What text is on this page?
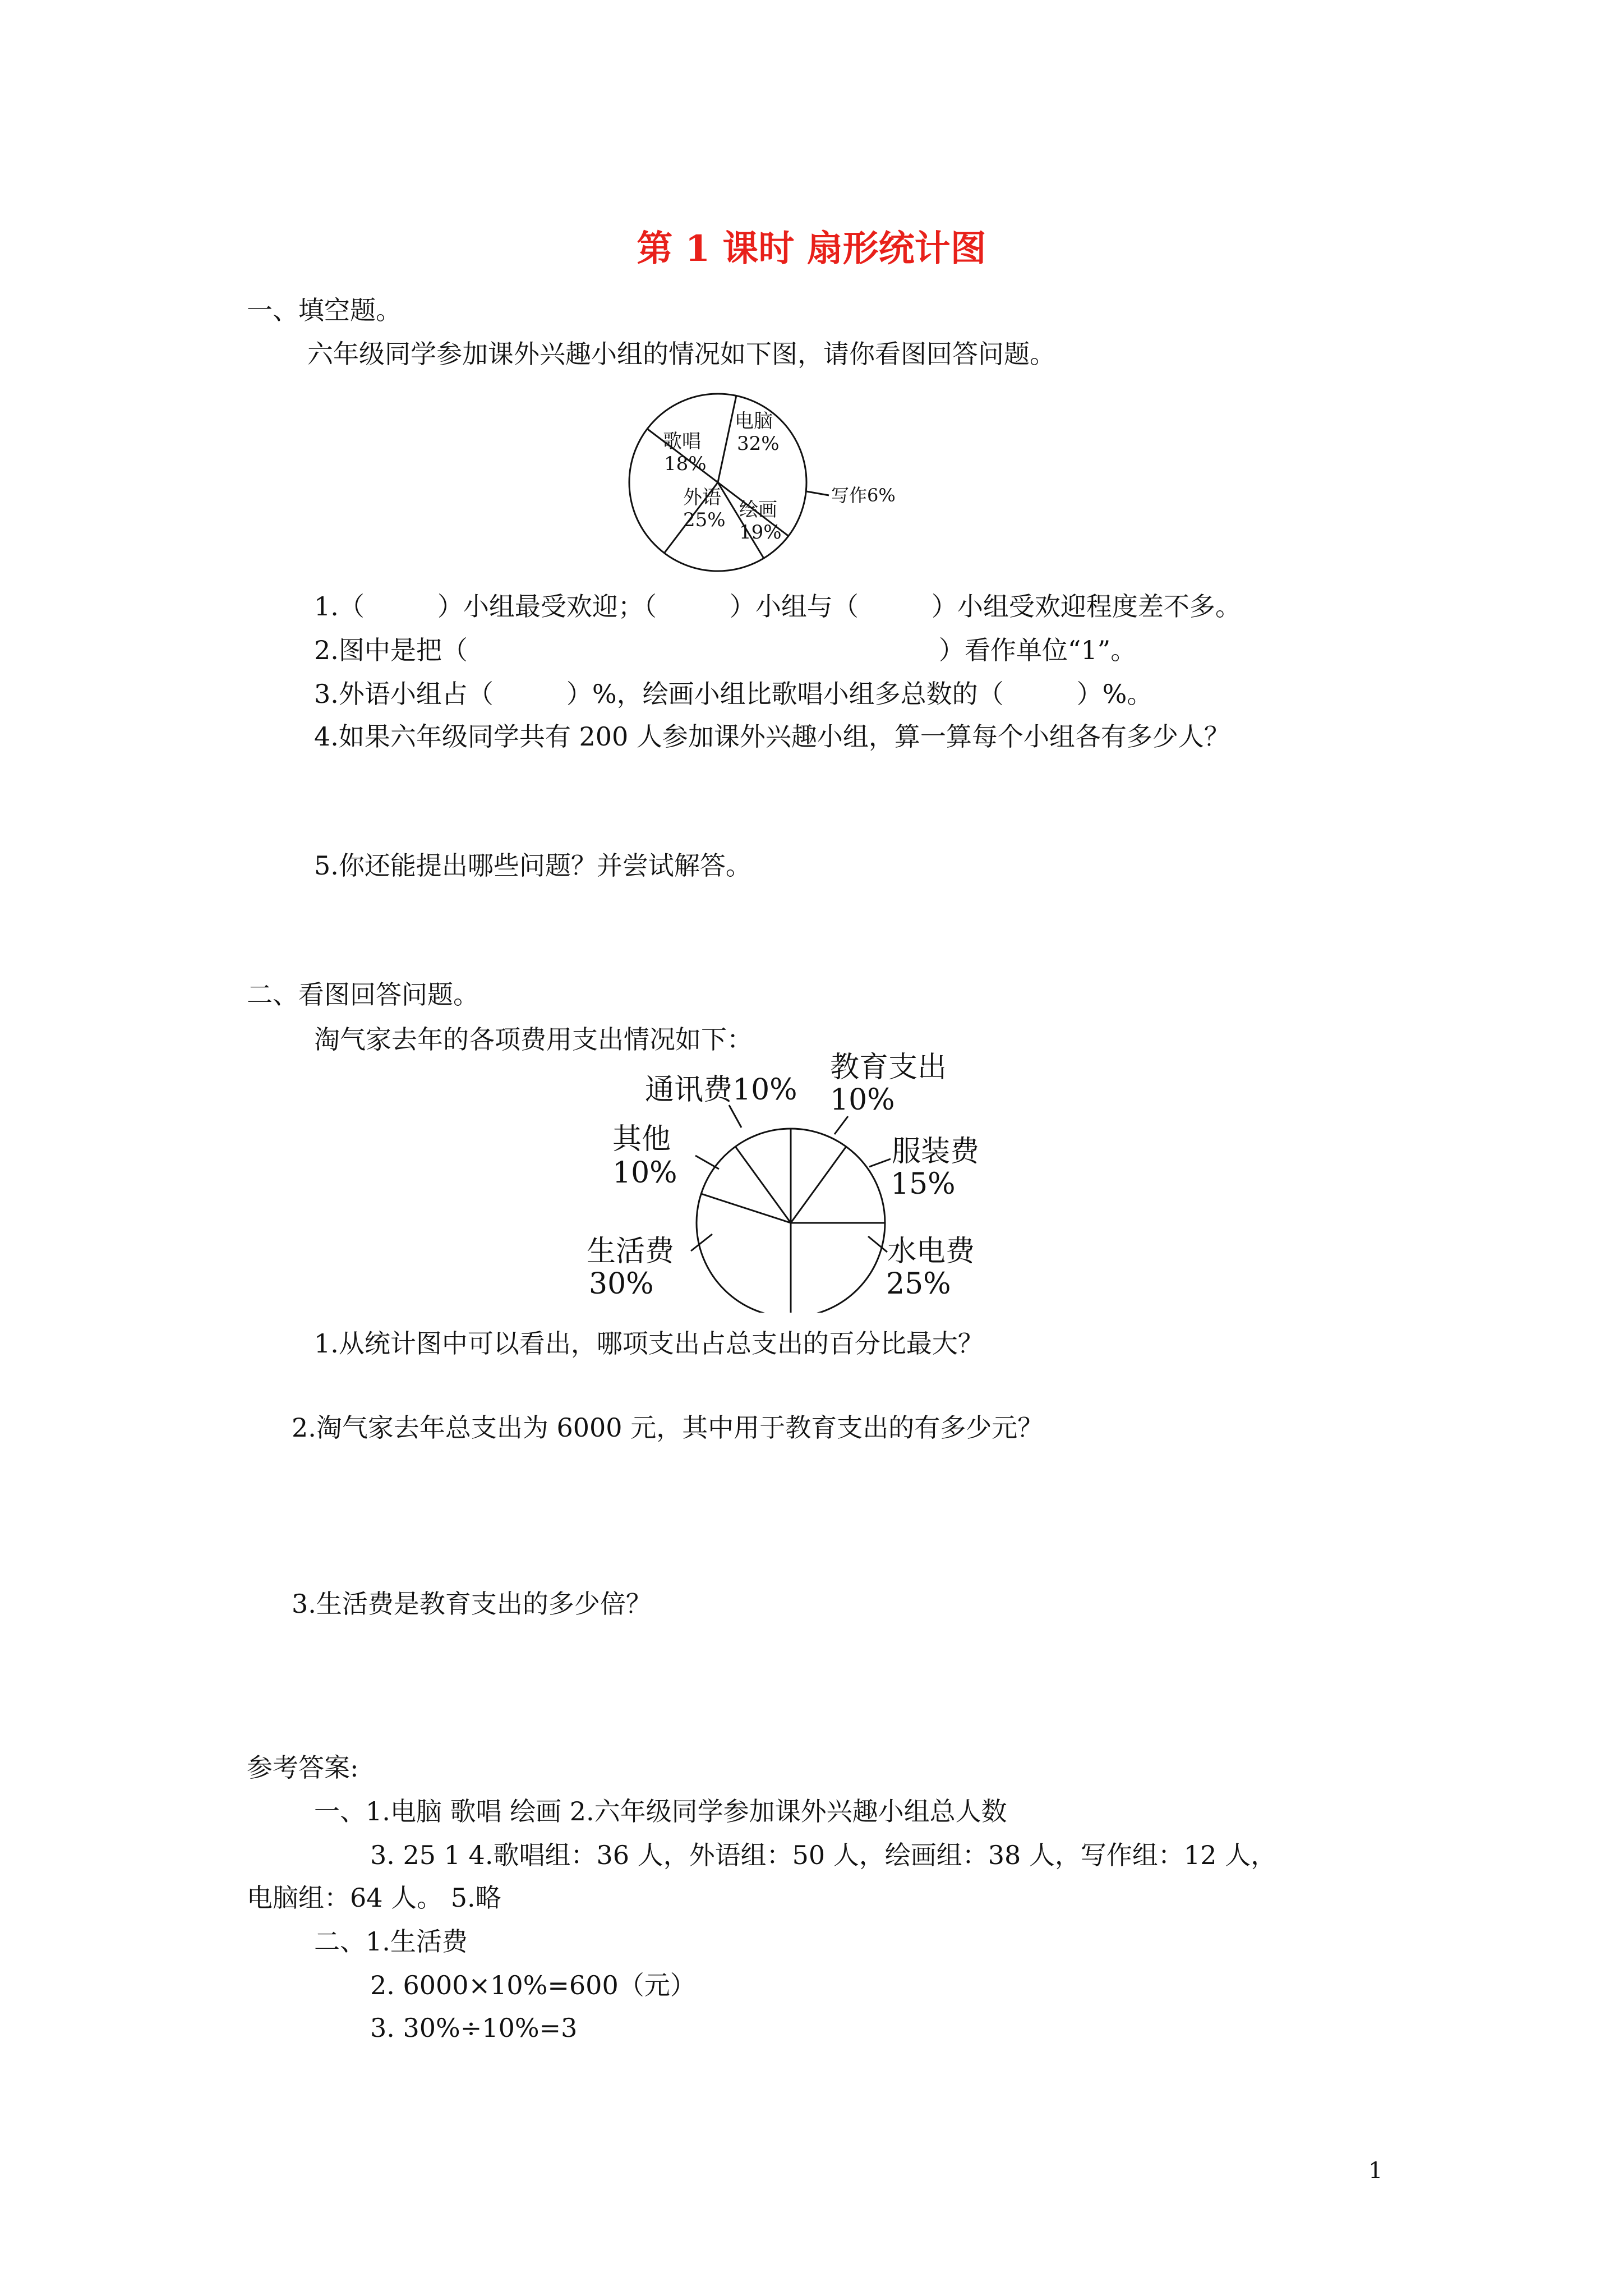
第 1 课时 扇形统计图
一、填空题。
六年级同学参加课外兴趣小组的情况如下图，请你看图回答问题。
歌唱
18%
电脑
32%
外语
25% 绘画
19%
写作6%
1.（	）小组最受欢迎；（	）小组与（	）小组受欢迎程度差不多。
2.图中是把（	）看作单位“1”。
3.外语小组占（	）%，绘画小组比歌唱小组多总数的（	）%。
4.如果六年级同学共有 200 人参加课外兴趣小组，算一算每个小组各有多少人？
5.你还能提出哪些问题？并尝试解答。
二、看图回答问题。
淘气家去年的各项费用支出情况如下：
通讯费10%
教育支出
10%
其他
10%
服装费
15%
生活费
30%
水电费
25%
1.从统计图中可以看出，哪项支出占总支出的百分比最大？
2.淘气家去年总支出为 6000 元，其中用于教育支出的有多少元？
3.生活费是教育支出的多少倍？
参考答案:
一、1.电脑 歌唱 绘画 2.六年级同学参加课外兴趣小组总人数
3. 25 1 4.歌唱组：36 人，外语组：50 人，绘画组：38 人，写作组：12 人，
电脑组：64 人。 5.略
二、1.生活费
2. 6000×10%=600（元）
3. 30%÷10%=3
1
